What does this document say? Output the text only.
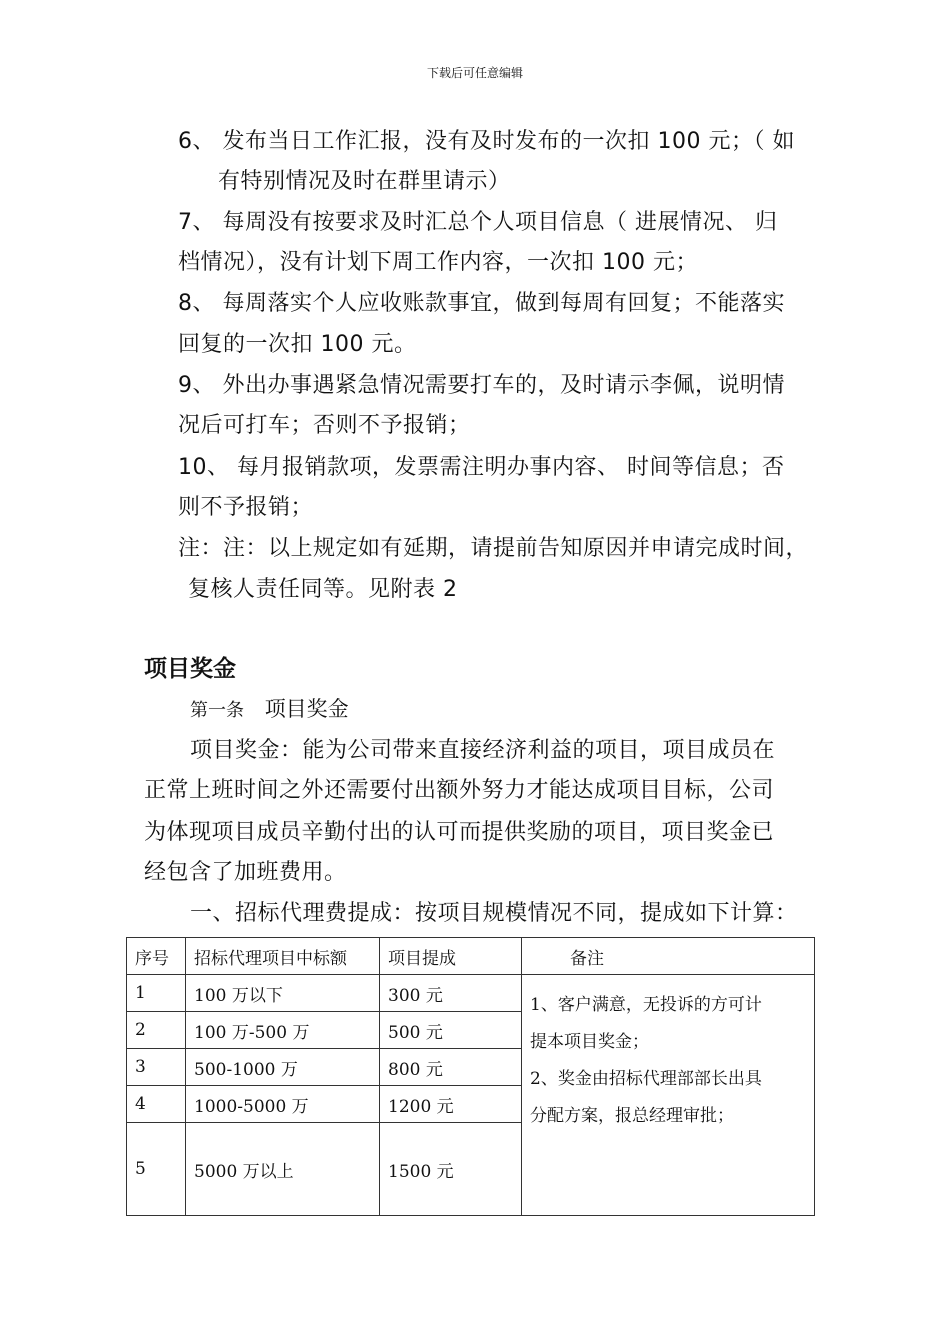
下载后可任意编辑
6、 发布当日工作汇报，没有及时发布的一次扣 100 元；（ 如
有特别情况及时在群里请示）
7、 每周没有按要求及时汇总个人项目信息（ 进展情况、 归
档情况），没有计划下周工作内容，一次扣 100 元；
8、 每周落实个人应收账款事宜，做到每周有回复；不能落实
回复的一次扣 100 元。
9、 外出办事遇紧急情况需要打车的，及时请示李佩，说明情
况后可打车；否则不予报销；
10、 每月报销款项，发票需注明办事内容、 时间等信息；否
则不予报销；
注：注：以上规定如有延期，请提前告知原因并申请完成时间，
复核人责任同等。见附表 2
项目奖金
第一条 项目奖金
项目奖金：能为公司带来直接经济利益的项目，项目成员在
正常上班时间之外还需要付出额外努力才能达成项目目标，公司
为体现项目成员辛勤付出的认可而提供奖励的项目，项目奖金已
经包含了加班费用。
一、招标代理费提成：按项目规模情况不同，提成如下计算：
序号	招标代理项目中标额	项目提成	备注
1	100 万以下	300 元	1、客户满意，无投诉的方可计
提本项目奖金；
2、奖金由招标代理部部长出具
分配方案，报总经理审批；

2	100 万-500 万	500 元	
3	500-1000 万	800 元	
4	1000-5000 万	1200 元	
5	5000 万以上	1500 元	
